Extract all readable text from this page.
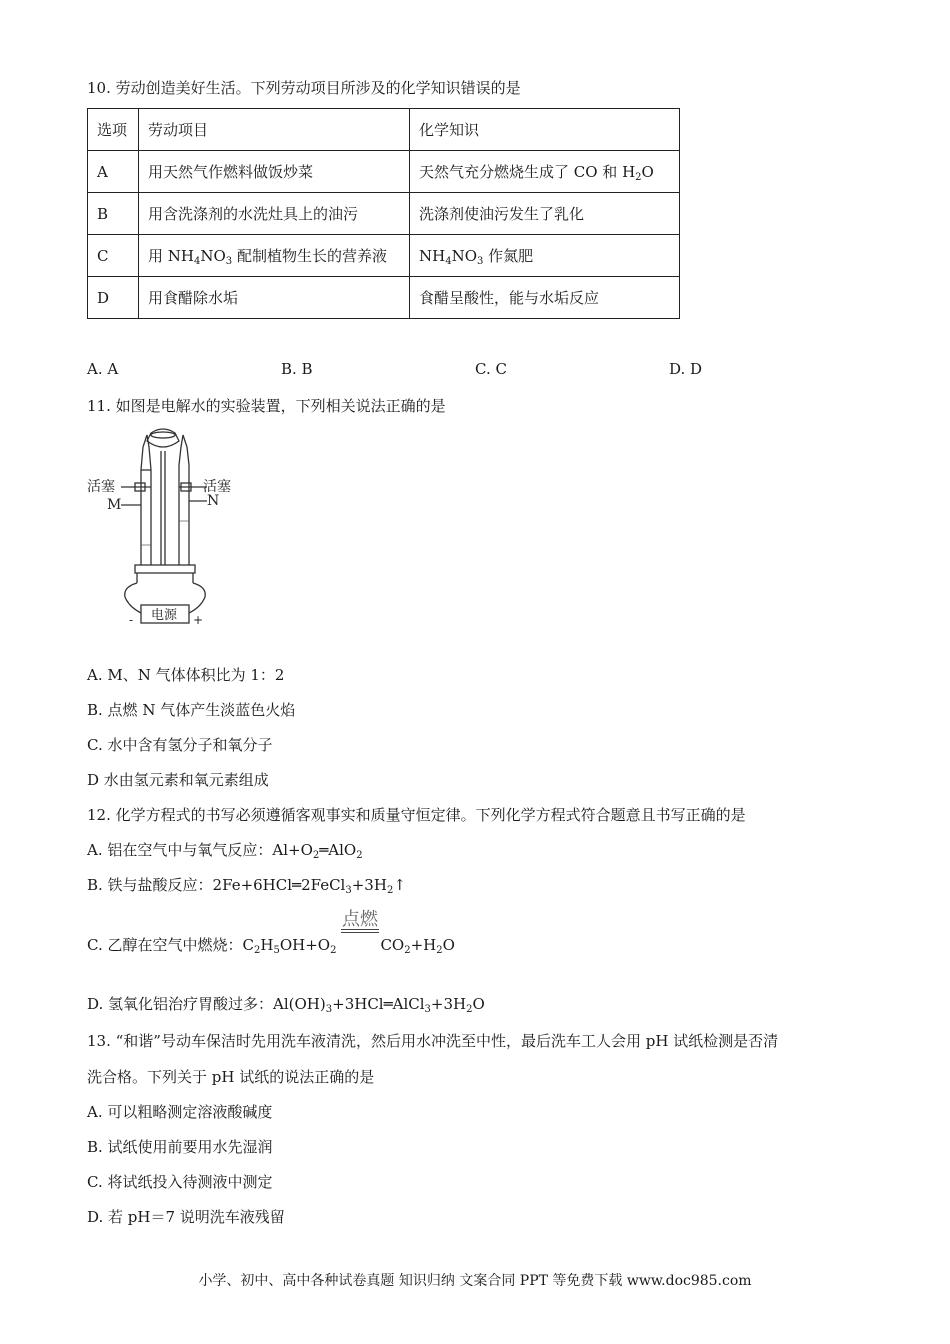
10. 劳动创造美好生活。下列劳动项目所涉及的化学知识错误的是
选项	劳动项目	化学知识
A	用天然气作燃料做饭炒菜	天然气充分燃烧生成了 CO 和 $H_2O$
B	用含洗涤剂的水洗灶具上的油污	洗涤剂使油污发生了乳化
C	用 $NH_4NO_3$ 配制植物生长的营养液	$NH_4NO_3$ 作氮肥
D	用食醋除水垢	食醋呈酸性，能与水垢反应
A. A	B. B	C. C	D. D
11. 如图是电解水的实验装置，下列相关说法正确的是
活塞	活塞
M	N
电源
-	+
A. M、N 气体体积比为 1：2
B. 点燃 N 气体产生淡蓝色火焰
C. 水中含有氢分子和氧分子
D 水由氢元素和氧元素组成
12. 化学方程式的书写必须遵循客观事实和质量守恒定律。下列化学方程式符合题意且书写正确的是
A. 铝在空气中与氧气反应：$Al+O_2═AlO_2$
B. 铁与盐酸反应：$2Fe+6HCl═2FeCl_3+3H_2↑$
点燃
C. 乙醇在空气中燃烧：$C_2H_5OH+O_2$	$CO_2+H_2O$
D. 氢氧化铝治疗胃酸过多：$Al(OH)_3+3HCl═AlCl_3+3H_2O$
13. “和谐”号动车保洁时先用洗车液清洗，然后用水冲洗至中性，最后洗车工人会用 pH 试纸检测是否清
洗合格。下列关于 pH 试纸的说法正确的是
A. 可以粗略测定溶液酸碱度
B. 试纸使用前要用水先湿润
C. 将试纸投入待测液中测定
D. 若 pH＝7 说明洗车液残留
小学、初中、高中各种试卷真题 知识归纳 文案合同 PPT 等免费下载 www.doc985.com
